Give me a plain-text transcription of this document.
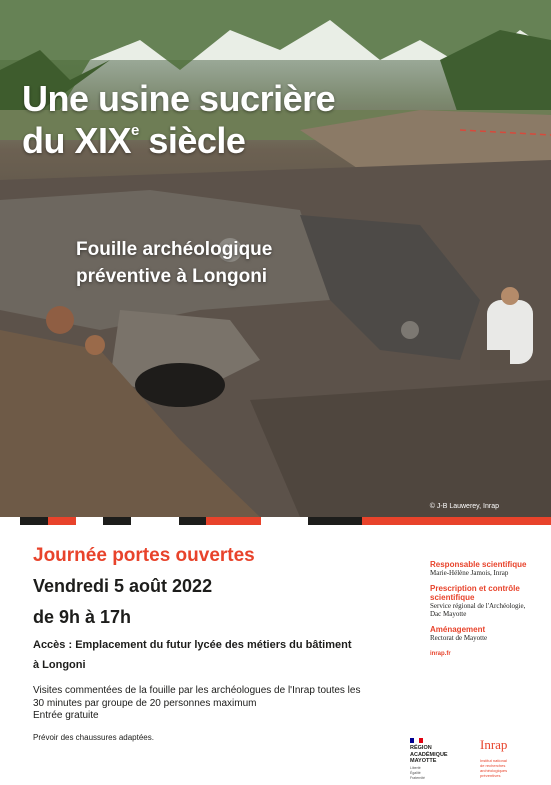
Une usine sucrière
du XIXe siècle
Fouille archéologique
préventive à Longoni
© J-B Lauwerey, Inrap
Journée portes ouvertes
Vendredi 5 août 2022
de 9h à 17h
Accès : Emplacement du futur lycée des métiers du bâtiment
à Longoni
Visites commentées de la fouille par les archéologues de l'Inrap toutes les
30 minutes par groupe de 20 personnes maximum
Entrée gratuite
Prévoir des chaussures adaptées.
Responsable scientifique
Marie-Hélène Jamois, Inrap
Prescription et contrôle
scientifique
Service régional de l'Archéologie,
Dac Mayotte
Aménagement
Rectorat de Mayotte
inrap.fr
RÉGION ACADÉMIQUE
MAYOTTE
Liberté
Égalité
Fraternité
Inrap
Institut national
de recherches
archéologiques
préventives
